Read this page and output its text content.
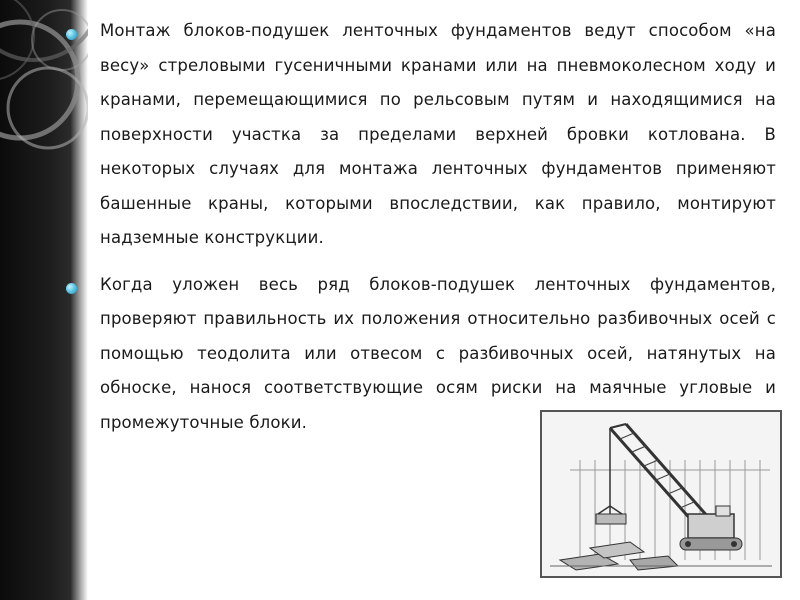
Монтаж блоков-подушек ленточных фундаментов ведут способом «на весу» стреловыми гусеничными кранами или на пневмоколесном ходу и кранами, перемещающимися по рельсовым путям и находящимися на поверхности участка за пределами верхней бровки котлована. В некоторых случаях для монтажа ленточных фундаментов применяют башенные краны, которыми впоследствии, как правило, монтируют надземные конструкции.

Когда уложен весь ряд блоков-подушек ленточных фундаментов, проверяют правильность их положения относительно разбивочных осей с помощью теодолита или отвесом с разбивочных осей, натянутых на обноске, нанося соответствующие осям риски на маячные угловые и промежуточные блоки.
